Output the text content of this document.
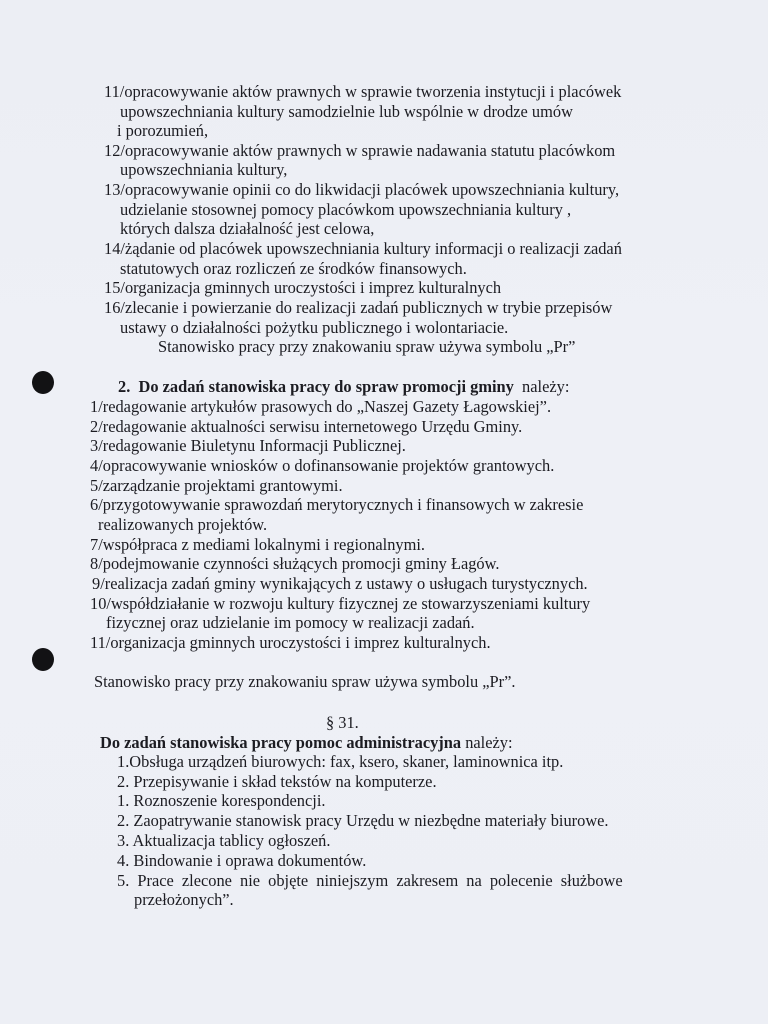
11/opracowywanie aktów prawnych w sprawie tworzenia instytucji i placówek
upowszechniania kultury samodzielnie lub wspólnie w drodze umów
i porozumień,
12/opracowywanie aktów prawnych w sprawie nadawania statutu placówkom
upowszechniania kultury,
13/opracowywanie opinii co do likwidacji placówek upowszechniania kultury,
udzielanie stosownej pomocy placówkom upowszechniania kultury ,
których dalsza działalność jest celowa,
14/żądanie od placówek upowszechniania kultury informacji o realizacji zadań
statutowych oraz rozliczeń ze środków finansowych.
15/organizacja gminnych uroczystości i imprez kulturalnych
16/zlecanie i powierzanie do realizacji zadań publicznych w trybie przepisów
ustawy o działalności pożytku publicznego i wolontariacie.
Stanowisko pracy przy znakowaniu spraw używa symbolu „Pr”
2. Do zadań stanowiska pracy do spraw promocji gminy należy:
1/redagowanie artykułów prasowych do „Naszej Gazety Łagowskiej”.
2/redagowanie aktualności serwisu internetowego Urzędu Gminy.
3/redagowanie Biuletynu Informacji Publicznej.
4/opracowywanie wniosków o dofinansowanie projektów grantowych.
5/zarządzanie projektami grantowymi.
6/przygotowywanie sprawozdań merytorycznych i finansowych w zakresie
realizowanych projektów.
7/współpraca z mediami lokalnymi i regionalnymi.
8/podejmowanie czynności służących promocji gminy Łagów.
9/realizacja zadań gminy wynikających z ustawy o usługach turystycznych.
10/współdziałanie w rozwoju kultury fizycznej ze stowarzyszeniami kultury
fizycznej oraz udzielanie im pomocy w realizacji zadań.
11/organizacja gminnych uroczystości i imprez kulturalnych.
Stanowisko pracy przy znakowaniu spraw używa symbolu „Pr”.
§ 31.
Do zadań stanowiska pracy pomoc administracyjna należy:
1.Obsługa urządzeń biurowych: fax, ksero, skaner, laminownica itp.
2. Przepisywanie i skład tekstów na komputerze.
1. Roznoszenie korespondencji.
2. Zaopatrywanie stanowisk pracy Urzędu w niezbędne materiały biurowe.
3. Aktualizacja tablicy ogłoszeń.
4. Bindowanie i oprawa dokumentów.
5. Prace zlecone nie objęte niniejszym zakresem na polecenie służbowe
przełożonych”.
